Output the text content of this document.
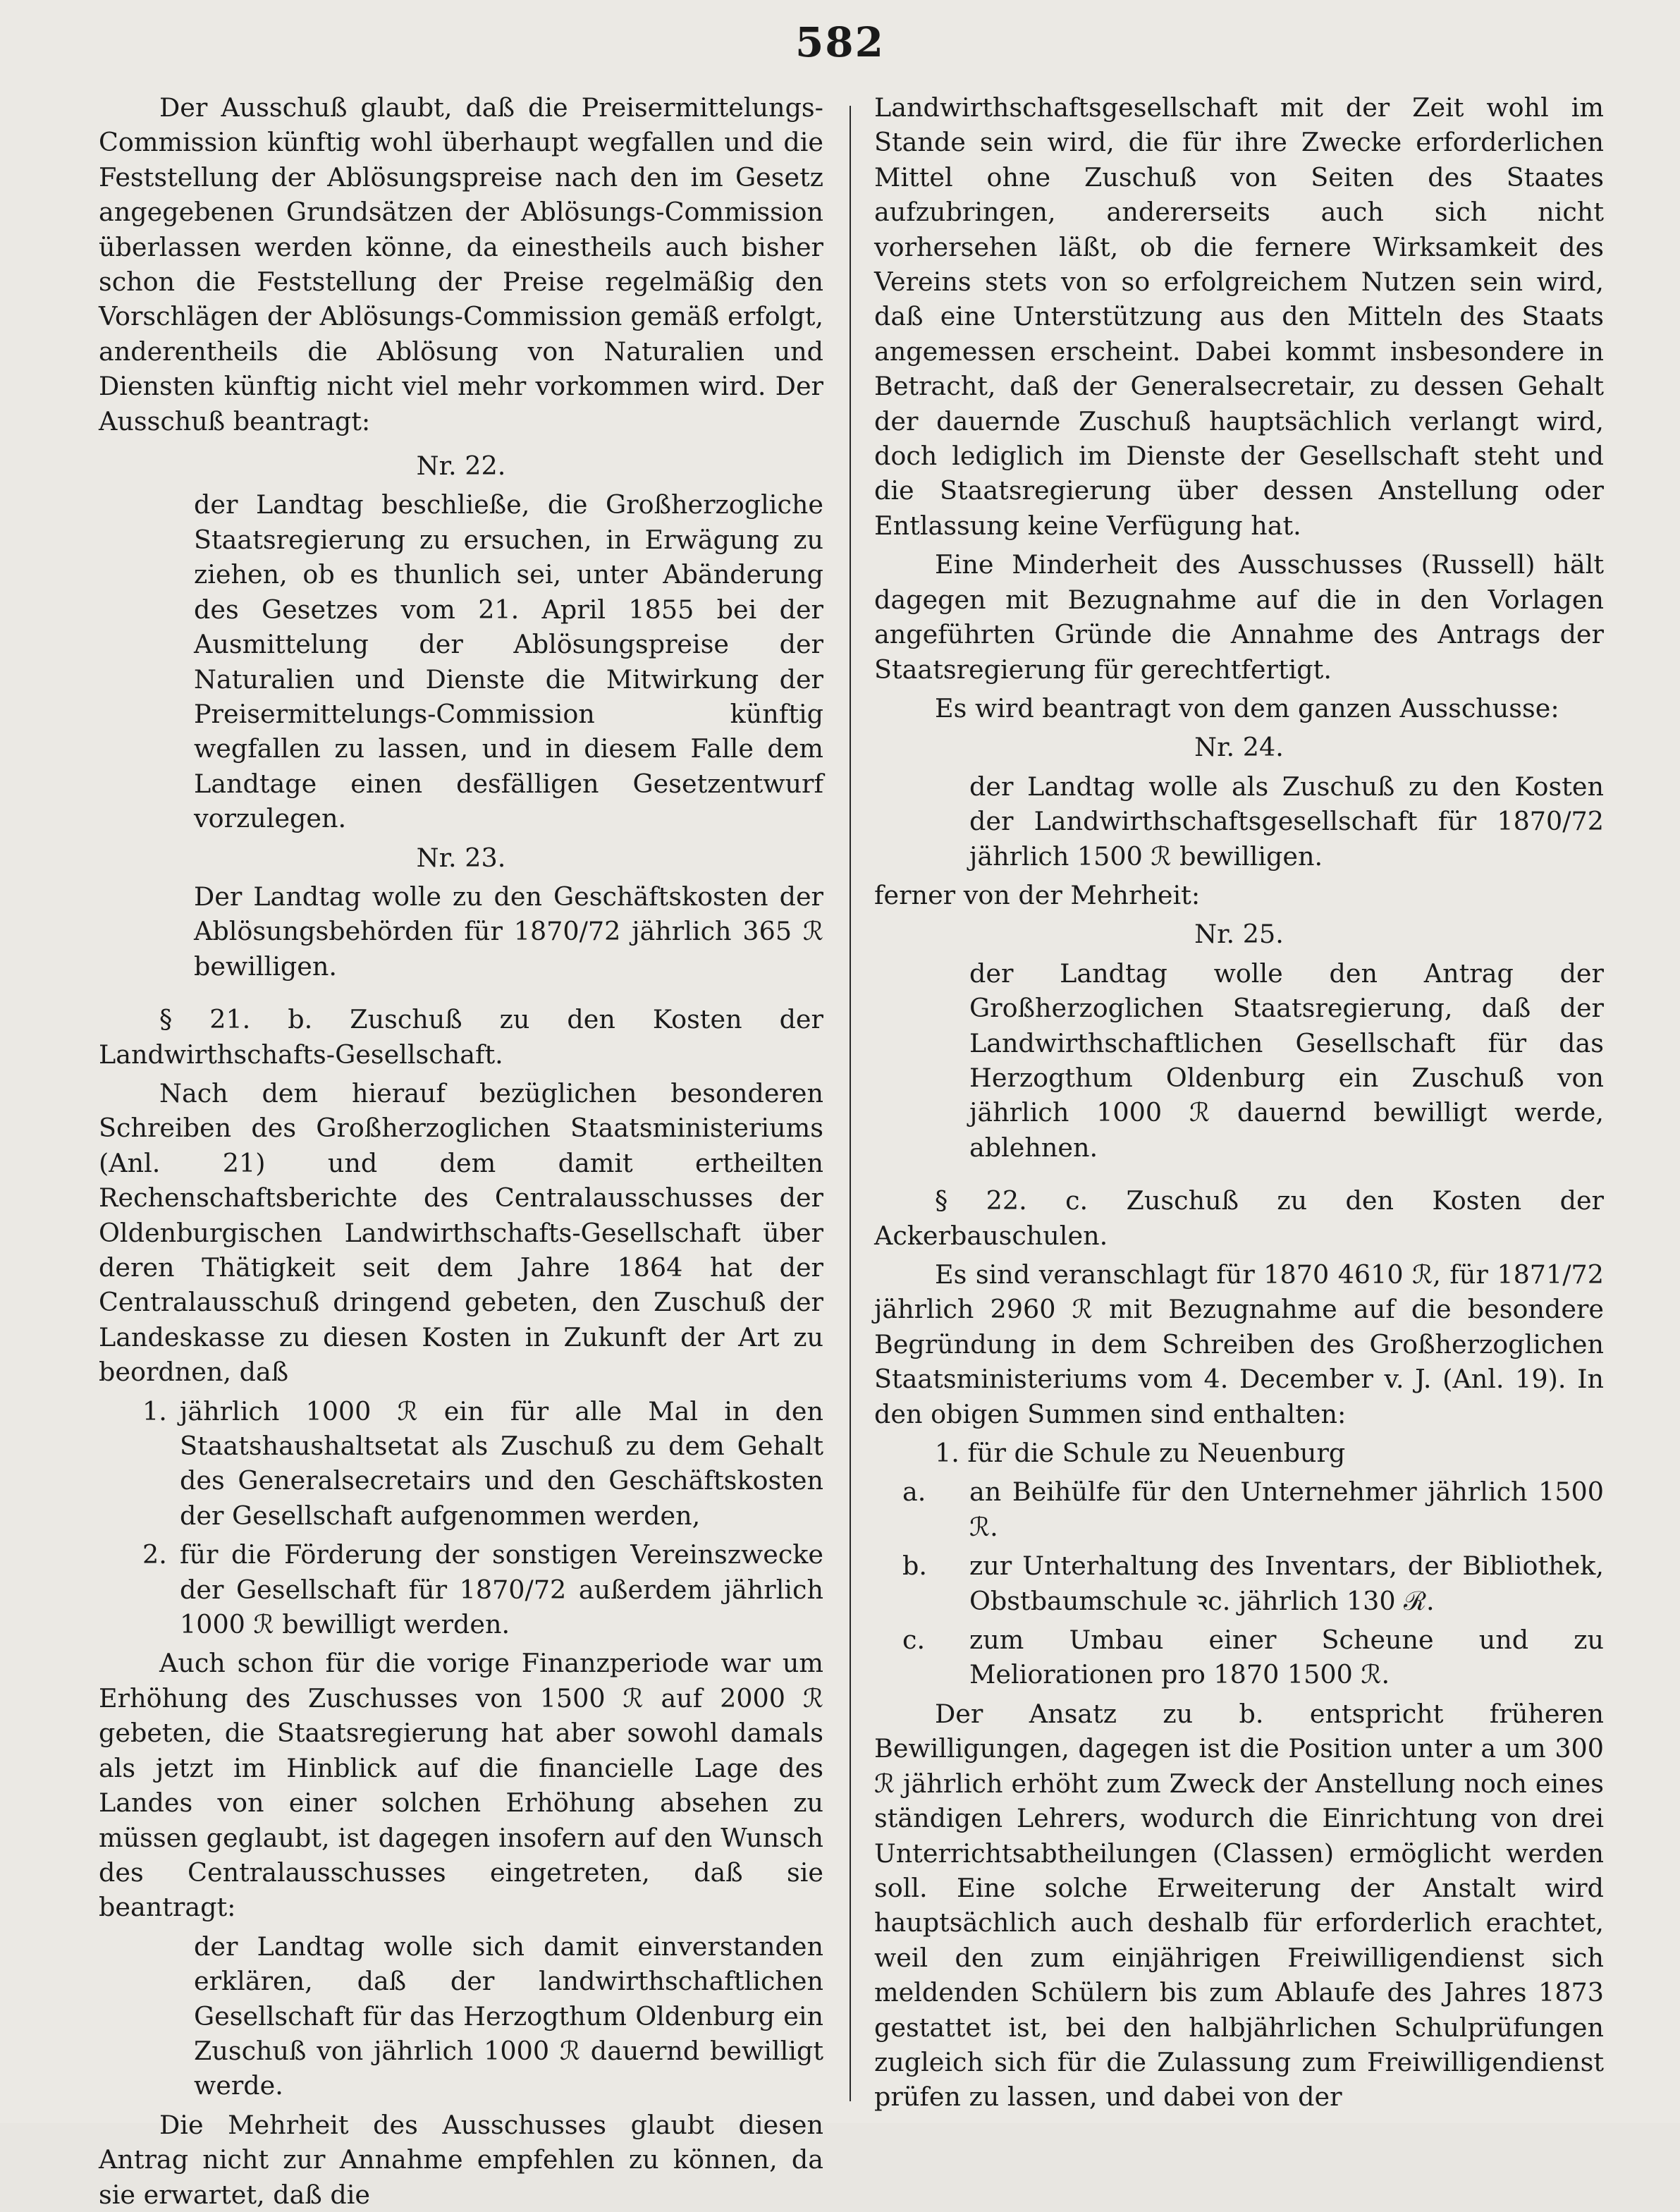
582

Der Ausschuß glaubt, daß die Preisermittelungs-Commission künftig wohl überhaupt wegfallen und die Feststellung der Ablösungspreise nach den im Gesetz angegebenen Grundsätzen der Ablösungs-Commission überlassen werden könne, da einestheils auch bisher schon die Feststellung der Preise regelmäßig den Vorschlägen der Ablösungs-Commission gemäß erfolgt, anderentheils die Ablösung von Naturalien und Diensten künftig nicht viel mehr vorkommen wird. Der Ausschuß beantragt:

Nr. 22.

der Landtag beschließe, die Großherzogliche Staatsregierung zu ersuchen, in Erwägung zu ziehen, ob es thunlich sei, unter Abänderung des Gesetzes vom 21. April 1855 bei der Ausmittelung der Ablösungspreise der Naturalien und Dienste die Mitwirkung der Preisermittelungs-Commission künftig wegfallen zu lassen, und in diesem Falle dem Landtage einen desfälligen Gesetzentwurf vorzulegen.

Nr. 23.

Der Landtag wolle zu den Geschäftskosten der Ablösungsbehörden für 1870/72 jährlich 365 ℛ bewilligen.

§ 21. b. Zuschuß zu den Kosten der Landwirthschafts-Gesellschaft.

Nach dem hierauf bezüglichen besonderen Schreiben des Großherzoglichen Staatsministeriums (Anl. 21) und dem damit ertheilten Rechenschaftsberichte des Centralausschusses der Oldenburgischen Landwirthschafts-Gesellschaft über deren Thätigkeit seit dem Jahre 1864 hat der Centralausschuß dringend gebeten, den Zuschuß der Landeskasse zu diesen Kosten in Zukunft der Art zu beordnen, daß

1. jährlich 1000 ℛ ein für alle Mal in den Staatshaushaltsetat als Zuschuß zu dem Gehalt des Generalsecretairs und den Geschäftskosten der Gesellschaft aufgenommen werden,
2. für die Förderung der sonstigen Vereinszwecke der Gesellschaft für 1870/72 außerdem jährlich 1000 ℛ bewilligt werden.

Auch schon für die vorige Finanzperiode war um Erhöhung des Zuschusses von 1500 ℛ auf 2000 ℛ gebeten, die Staatsregierung hat aber sowohl damals als jetzt im Hinblick auf die financielle Lage des Landes von einer solchen Erhöhung absehen zu müssen geglaubt, ist dagegen insofern auf den Wunsch des Centralausschusses eingetreten, daß sie beantragt:

der Landtag wolle sich damit einverstanden erklären, daß der landwirthschaftlichen Gesellschaft für das Herzogthum Oldenburg ein Zuschuß von jährlich 1000 ℛ dauernd bewilligt werde.

Die Mehrheit des Ausschusses glaubt diesen Antrag nicht zur Annahme empfehlen zu können, da sie erwartet, daß die

Landwirthschaftsgesellschaft mit der Zeit wohl im Stande sein wird, die für ihre Zwecke erforderlichen Mittel ohne Zuschuß von Seiten des Staates aufzubringen, andererseits auch sich nicht vorhersehen läßt, ob die fernere Wirksamkeit des Vereins stets von so erfolgreichem Nutzen sein wird, daß eine Unterstützung aus den Mitteln des Staats angemessen erscheint. Dabei kommt insbesondere in Betracht, daß der Generalsecretair, zu dessen Gehalt der dauernde Zuschuß hauptsächlich verlangt wird, doch lediglich im Dienste der Gesellschaft steht und die Staatsregierung über dessen Anstellung oder Entlassung keine Verfügung hat.

Eine Minderheit des Ausschusses (Russell) hält dagegen mit Bezugnahme auf die in den Vorlagen angeführten Gründe die Annahme des Antrags der Staatsregierung für gerechtfertigt.

Es wird beantragt von dem ganzen Ausschusse:

Nr. 24.

der Landtag wolle als Zuschuß zu den Kosten der Landwirthschaftsgesellschaft für 1870/72 jährlich 1500 ℛ bewilligen.

ferner von der Mehrheit:

Nr. 25.

der Landtag wolle den Antrag der Großherzoglichen Staatsregierung, daß der Landwirthschaftlichen Gesellschaft für das Herzogthum Oldenburg ein Zuschuß von jährlich 1000 ℛ dauernd bewilligt werde, ablehnen.

§ 22. c. Zuschuß zu den Kosten der Ackerbauschulen.

Es sind veranschlagt für 1870 4610 ℛ, für 1871/72 jährlich 2960 ℛ mit Bezugnahme auf die besondere Begründung in dem Schreiben des Großherzoglichen Staatsministeriums vom 4. December v. J. (Anl. 19). In den obigen Summen sind enthalten:

1. für die Schule zu Neuenburg

a. an Beihülfe für den Unternehmer jährlich 1500 ℛ.
b. zur Unterhaltung des Inventars, der Bibliothek, Obstbaumschule ꝛc. jährlich 130 ℛ.
c. zum Umbau einer Scheune und zu Meliorationen pro 1870 1500 ℛ.

Der Ansatz zu b. entspricht früheren Bewilligungen, dagegen ist die Position unter a um 300 ℛ jährlich erhöht zum Zweck der Anstellung noch eines ständigen Lehrers, wodurch die Einrichtung von drei Unterrichtsabtheilungen (Classen) ermöglicht werden soll. Eine solche Erweiterung der Anstalt wird hauptsächlich auch deshalb für erforderlich erachtet, weil den zum einjährigen Freiwilligendienst sich meldenden Schülern bis zum Ablaufe des Jahres 1873 gestattet ist, bei den halbjährlichen Schulprüfungen zugleich sich für die Zulassung zum Freiwilligendienst prüfen zu lassen, und dabei von der
